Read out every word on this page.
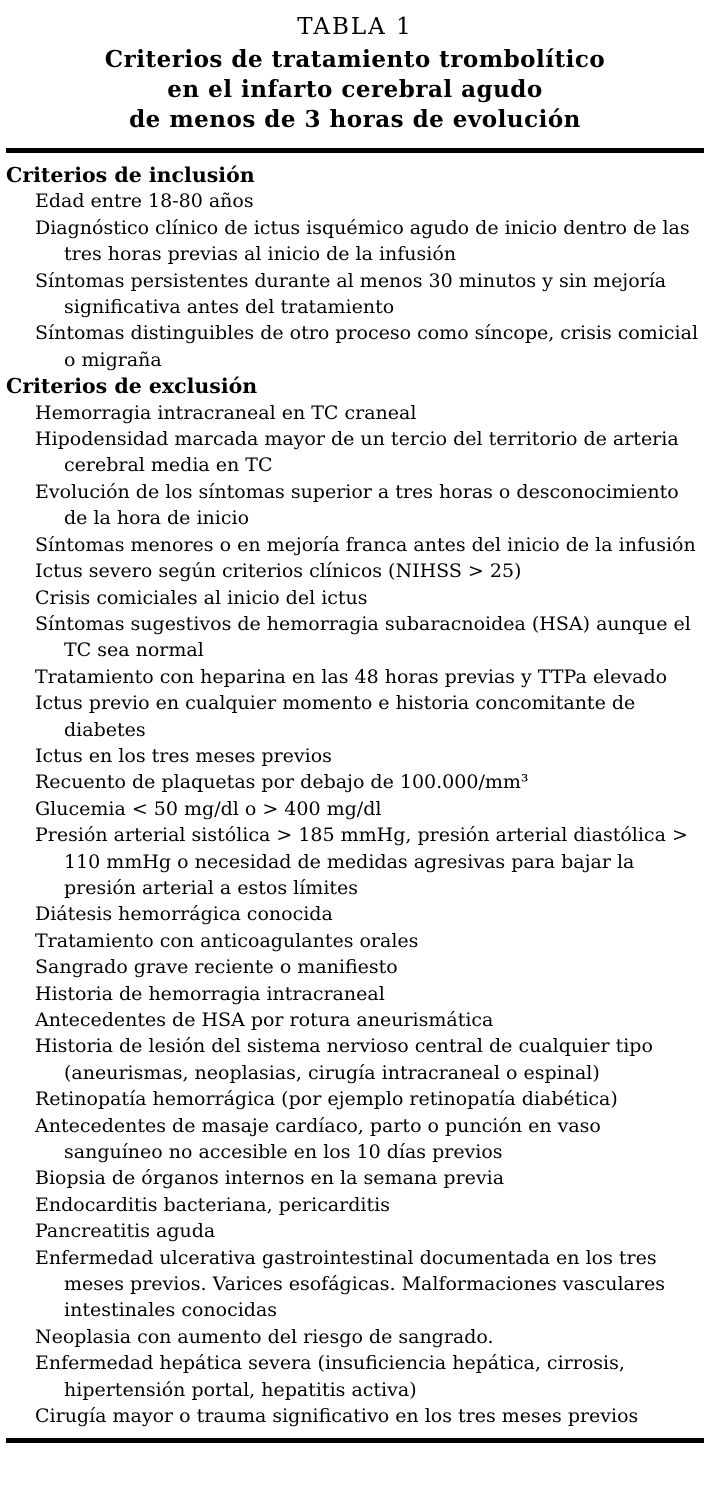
TABLA 1
Criterios de tratamiento trombolítico
en el infarto cerebral agudo
de menos de 3 horas de evolución
Criterios de inclusión
Edad entre 18-80 años
Diagnóstico clínico de ictus isquémico agudo de inicio dentro de las tres horas previas al inicio de la infusión
Síntomas persistentes durante al menos 30 minutos y sin mejoría significativa antes del tratamiento
Síntomas distinguibles de otro proceso como síncope, crisis comicial o migraña
Criterios de exclusión
Hemorragia intracraneal en TC craneal
Hipodensidad marcada mayor de un tercio del territorio de arteria cerebral media en TC
Evolución de los síntomas superior a tres horas o desconocimiento de la hora de inicio
Síntomas menores o en mejoría franca antes del inicio de la infusión
Ictus severo según criterios clínicos (NIHSS > 25)
Crisis comiciales al inicio del ictus
Síntomas sugestivos de hemorragia subaracnoidea (HSA) aunque el TC sea normal
Tratamiento con heparina en las 48 horas previas y TTPa elevado
Ictus previo en cualquier momento e historia concomitante de diabetes
Ictus en los tres meses previos
Recuento de plaquetas por debajo de 100.000/mm³
Glucemia < 50 mg/dl o > 400 mg/dl
Presión arterial sistólica > 185 mmHg, presión arterial diastólica > 110 mmHg o necesidad de medidas agresivas para bajar la presión arterial a estos límites
Diátesis hemorrágica conocida
Tratamiento con anticoagulantes orales
Sangrado grave reciente o manifiesto
Historia de hemorragia intracraneal
Antecedentes de HSA por rotura aneurismática
Historia de lesión del sistema nervioso central de cualquier tipo (aneurismas, neoplasias, cirugía intracraneal o espinal)
Retinopatía hemorrágica (por ejemplo retinopatía diabética)
Antecedentes de masaje cardíaco, parto o punción en vaso sanguíneo no accesible en los 10 días previos
Biopsia de órganos internos en la semana previa
Endocarditis bacteriana, pericarditis
Pancreatitis aguda
Enfermedad ulcerativa gastrointestinal documentada en los tres meses previos. Varices esofágicas. Malformaciones vasculares intestinales conocidas
Neoplasia con aumento del riesgo de sangrado.
Enfermedad hepática severa (insuficiencia hepática, cirrosis, hipertensión portal, hepatitis activa)
Cirugía mayor o trauma significativo en los tres meses previos
